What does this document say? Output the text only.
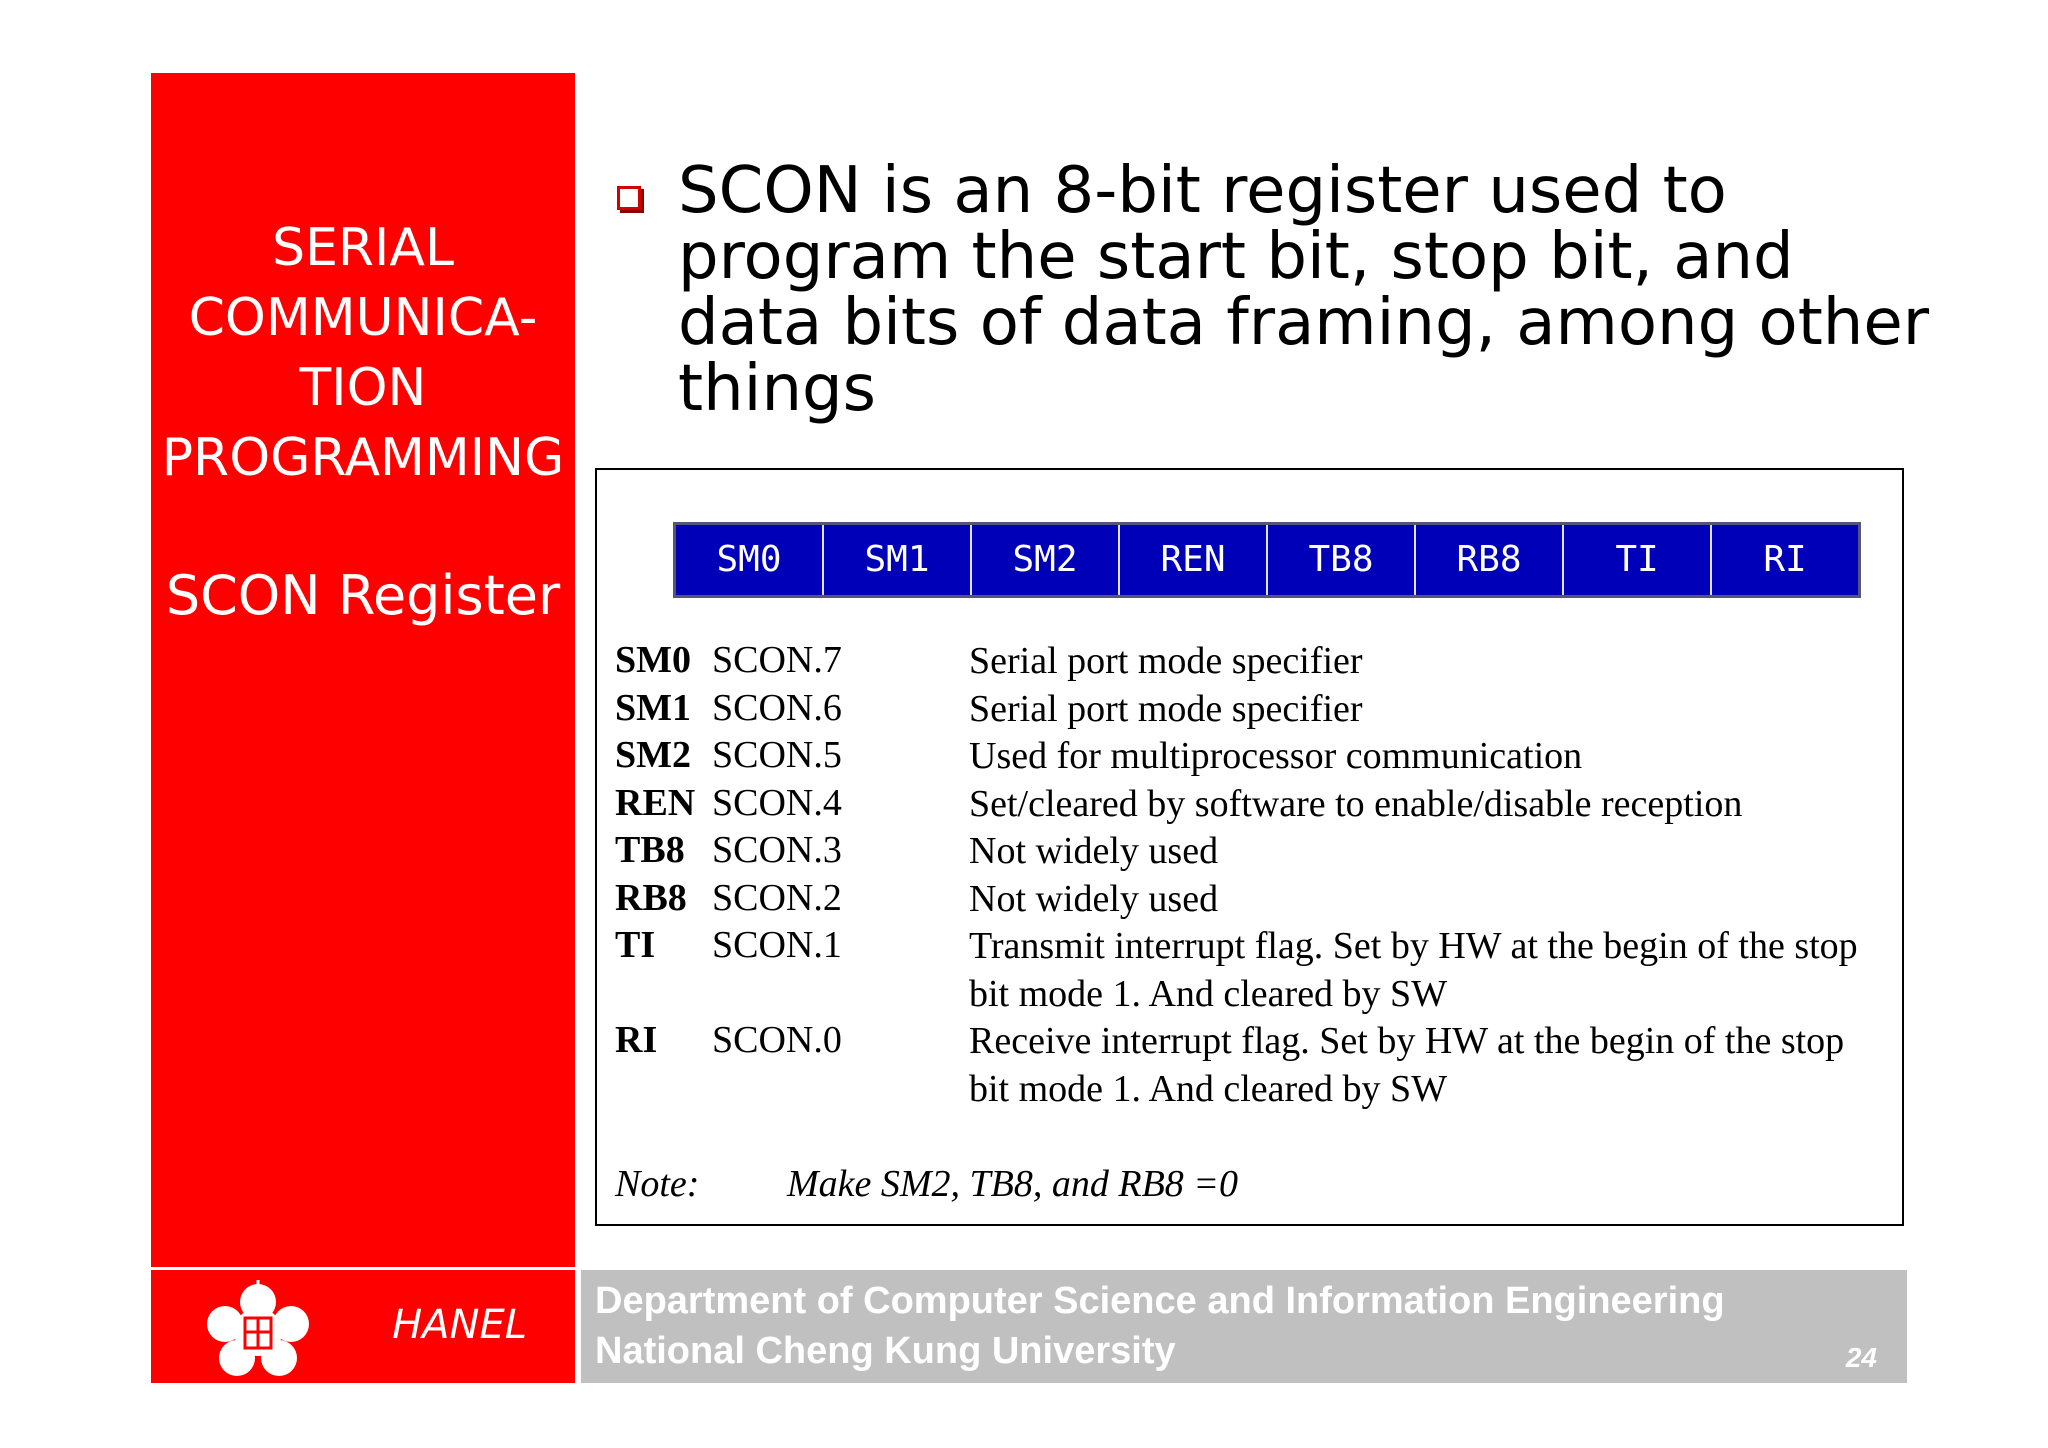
SERIAL
COMMUNICA-
TION
PROGRAMMING
SCON Register
SCON is an 8-bit register used to program the start bit, stop bit, and data bits of data framing, among other things
SM0	SM1	SM2	REN	TB8	RB8	TI	RI
SM0 SCON.7	Serial port mode specifier
SM1 SCON.6	Serial port mode specifier
SM2 SCON.5	Used for multiprocessor communication
REN SCON.4	Set/cleared by software to enable/disable reception
TB8 SCON.3	Not widely used
RB8 SCON.2	Not widely used
TI SCON.1	Transmit interrupt flag. Set by HW at the begin of the stop bit mode 1. And cleared by SW
RI SCON.0	Receive interrupt flag. Set by HW at the begin of the stop bit mode 1. And cleared by SW
Note: Make SM2, TB8, and RB8 =0
HANEL
Department of Computer Science and Information Engineering
National Cheng Kung University	24
